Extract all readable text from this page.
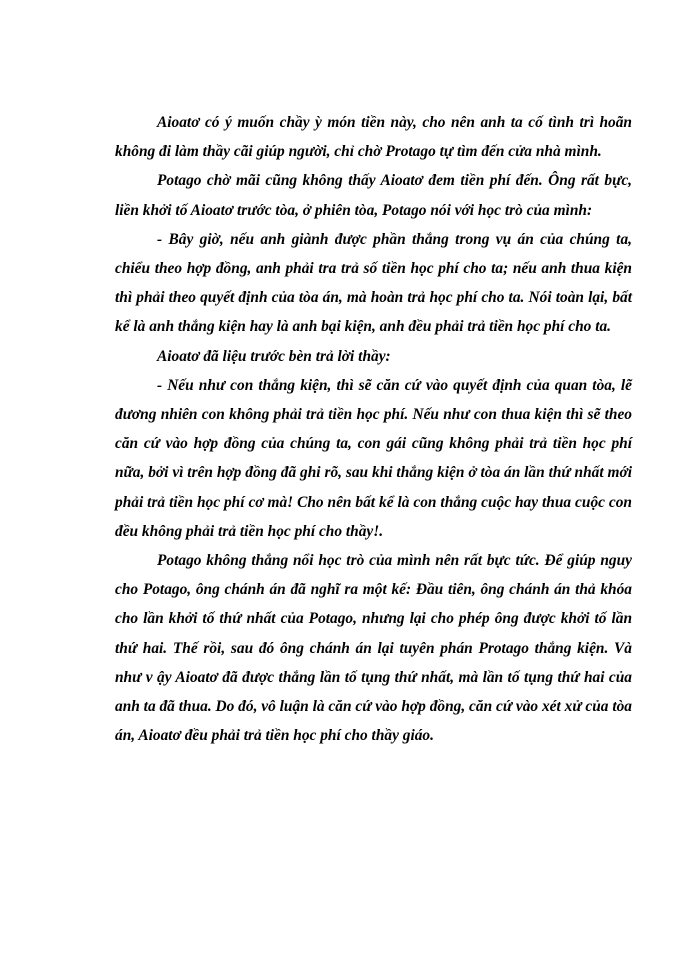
Aioatơ có ý muốn chầy ỳ món tiền này, cho nên anh ta cố tình trì hoãn không đi làm thầy cãi giúp người, chỉ chờ Protago tự tìm đến cửa nhà mình.

Potago chờ mãi cũng không thấy Aioatơ đem tiền phí đến. Ông rất bực, liền khởi tố Aioatơ trước tòa, ở phiên tòa, Potago nói với học trò của mình:

- Bây giờ, nếu anh giành được phần thắng trong vụ án của chúng ta, chiểu theo hợp đồng, anh phải tra trả số tiền học phí cho ta; nếu anh thua kiện thì phải theo quyết định của tòa án, mà hoàn trả học phí cho ta. Nói toàn lại, bất kể là anh thắng kiện hay là anh bại kiện, anh đều phải trả tiền học phí cho ta.

Aioatơ đã liệu trước bèn trả lời thầy:

- Nếu như con thắng kiện, thì sẽ căn cứ vào quyết định của quan tòa, lẽ đương nhiên con không phải trả tiền học phí. Nếu như con thua kiện thì sẽ theo căn cứ vào hợp đồng của chúng ta, con gái cũng không phải trả tiền học phí nữa, bởi vì trên hợp đồng đã ghi rõ, sau khi thắng kiện ở tòa án lần thứ nhất mới phải trả tiền học phí cơ mà! Cho nên bất kể là con thắng cuộc hay thua cuộc con đều không phải trả tiền học phí cho thầy!.

Potago không thắng nổi học trò của mình nên rất bực tức. Để giúp nguy cho Potago, ông chánh án đã nghĩ ra một kế: Đầu tiên, ông chánh án thả khóa cho lần khởi tố thứ nhất của Potago, nhưng lại cho phép ông được khởi tố lần thứ hai. Thế rồi, sau đó ông chánh án lại tuyên phán Protago thắng kiện. Và như v ậy Aioatơ đã được thắng lần tố tụng thứ nhất, mà lần tố tụng thứ hai của anh ta đã thua. Do đó, vô luận là căn cứ vào hợp đồng, căn cứ vào xét xử của tòa án, Aioatơ đều phải trả tiền học phí cho thầy giáo.
